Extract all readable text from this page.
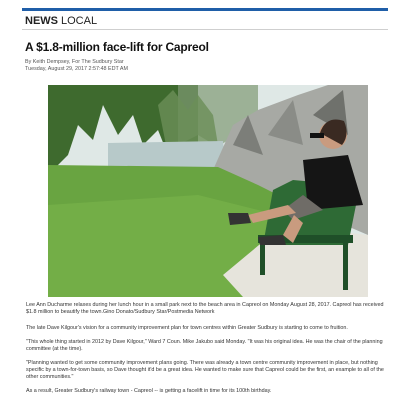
NEWS LOCAL
A $1.8-million face-lift for Capreol
By Keith Dempsey, For The Sudbury Star
Tuesday, August 29, 2017 2:57:48 EDT AM
Lee Ann Ducharme relaxes during her lunch hour in a small park next to the beach area in Capreol on Monday August 28, 2017. Capreol has received $1.8 million to beautify the town.Gino Donato/Sudbury Star/Postmedia Network
The late Dave Kilgour's vision for a community improvement plan for town centres within Greater Sudbury is starting to come to fruition.
"This whole thing started in 2012 by Dave Kilgour," Ward 7 Coun. Mike Jakubo said Monday. "It was his original idea. He was the chair of the planning committee (at the time).
"Planning wanted to get some community improvement plans going. There was already a town centre community improvement in place, but nothing specific by a town-for-town basis, so Dave thought it'd be a great idea. He wanted to make sure that Capreol could be the first, an example to all of the other communities."
As a result, Greater Sudbury's railway town - Capreol -- is getting a facelift in time for its 100th birthday.
